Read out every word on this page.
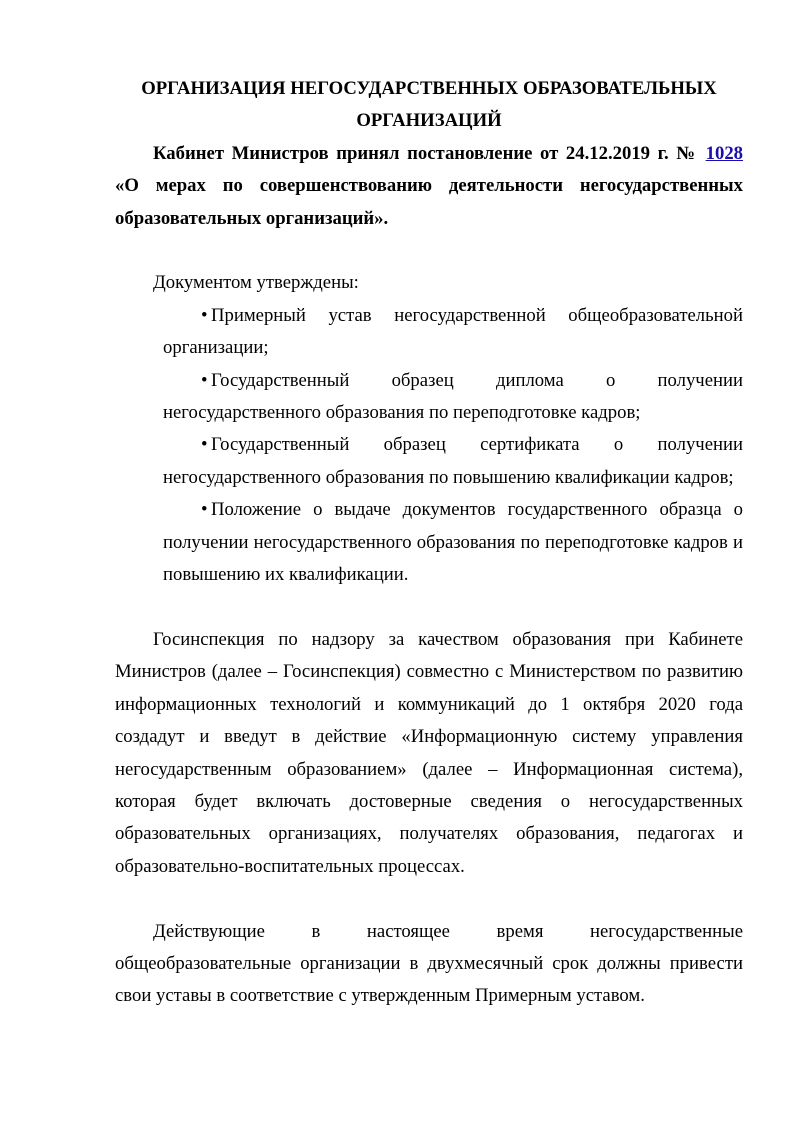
ОРГАНИЗАЦИЯ НЕГОСУДАРСТВЕННЫХ ОБРАЗОВАТЕЛЬНЫХ ОРГАНИЗАЦИЙ

Кабинет Министров принял постановление от 24.12.2019 г. № 1028 «О мерах по совершенствованию деятельности негосударственных образовательных организаций».

Документом утверждены:

• Примерный устав негосударственной общеобразовательной организации;
• Государственный образец диплома о получении негосударственного образования по переподготовке кадров;
• Государственный образец сертификата о получении негосударственного образования по повышению квалификации кадров;
• Положение о выдаче документов государственного образца о получении негосударственного образования по переподготовке кадров и повышению их квалификации.

Госинспекция по надзору за качеством образования при Кабинете Министров (далее – Госинспекция) совместно с Министерством по развитию информационных технологий и коммуникаций до 1 октября 2020 года создадут и введут в действие «Информационную систему управления негосударственным образованием» (далее – Информационная система), которая будет включать достоверные сведения о негосударственных образовательных организациях, получателях образования, педагогах и образовательно-воспитательных процессах.

Действующие в настоящее время негосударственные общеобразовательные организации в двухмесячный срок должны привести свои уставы в соответствие с утвержденным Примерным уставом.
